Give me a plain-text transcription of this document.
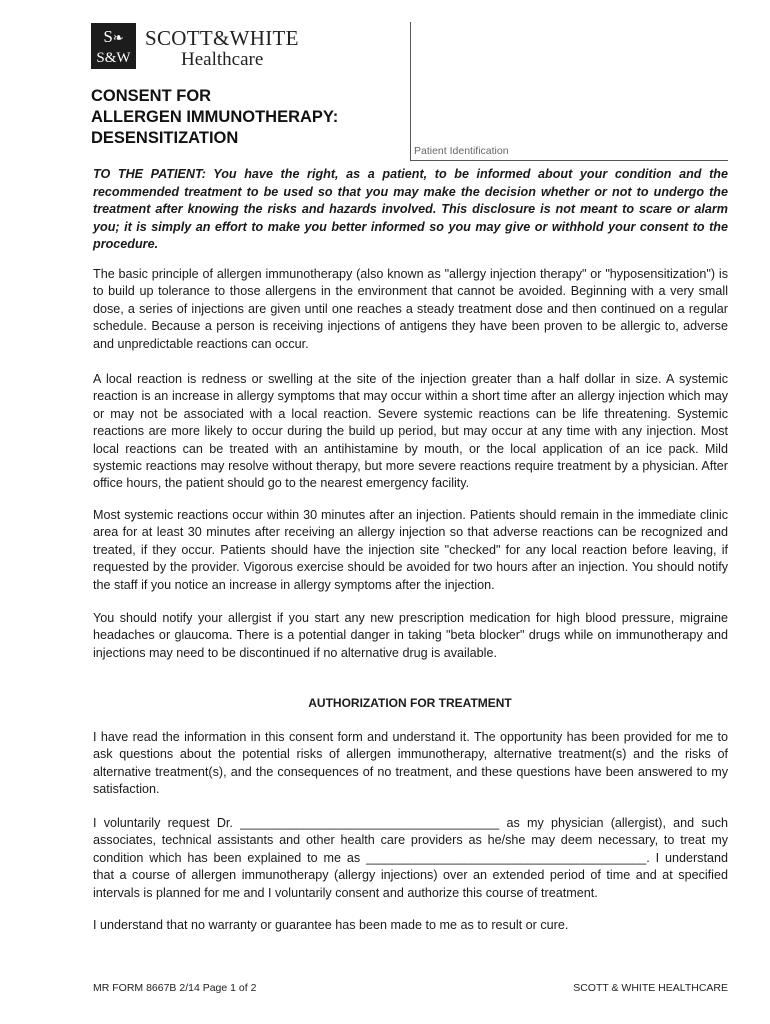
S❧
S&W
SCOTT&WHITE
Healthcare
CONSENT FOR
ALLERGEN IMMUNOTHERAPY:
DESENSITIZATION
Patient Identification

TO THE PATIENT: You have the right, as a patient, to be informed about your condition and the recommended treatment to be used so that you may make the decision whether or not to undergo the treatment after knowing the risks and hazards involved. This disclosure is not meant to scare or alarm you; it is simply an effort to make you better informed so you may give or withhold your consent to the procedure.

The basic principle of allergen immunotherapy (also known as "allergy injection therapy" or "hyposensitization") is to build up tolerance to those allergens in the environment that cannot be avoided. Beginning with a very small dose, a series of injections are given until one reaches a steady treatment dose and then continued on a regular schedule. Because a person is receiving injections of antigens they have been proven to be allergic to, adverse and unpredictable reactions can occur.

A local reaction is redness or swelling at the site of the injection greater than a half dollar in size. A systemic reaction is an increase in allergy symptoms that may occur within a short time after an allergy injection which may or may not be associated with a local reaction. Severe systemic reactions can be life threatening. Systemic reactions are more likely to occur during the build up period, but may occur at any time with any injection. Most local reactions can be treated with an antihistamine by mouth, or the local application of an ice pack. Mild systemic reactions may resolve without therapy, but more severe reactions require treatment by a physician. After office hours, the patient should go to the nearest emergency facility.

Most systemic reactions occur within 30 minutes after an injection. Patients should remain in the immediate clinic area for at least 30 minutes after receiving an allergy injection so that adverse reactions can be recognized and treated, if they occur. Patients should have the injection site "checked" for any local reaction before leaving, if requested by the provider. Vigorous exercise should be avoided for two hours after an injection. You should notify the staff if you notice an increase in allergy symptoms after the injection.

You should notify your allergist if you start any new prescription medication for high blood pressure, migraine headaches or glaucoma. There is a potential danger in taking "beta blocker" drugs while on immunotherapy and injections may need to be discontinued if no alternative drug is available.

AUTHORIZATION FOR TREATMENT

I have read the information in this consent form and understand it. The opportunity has been provided for me to ask questions about the potential risks of allergen immunotherapy, alternative treatment(s) and the risks of alternative treatment(s), and the consequences of no treatment, and these questions have been answered to my satisfaction.

I voluntarily request Dr. _____________________________________ as my physician (allergist), and such associates, technical assistants and other health care providers as he/she may deem necessary, to treat my condition which has been explained to me as ________________________________________. I understand that a course of allergen immunotherapy (allergy injections) over an extended period of time and at specified intervals is planned for me and I voluntarily consent and authorize this course of treatment.

I understand that no warranty or guarantee has been made to me as to result or cure.

MR FORM 8667B 2/14 Page 1 of 2	SCOTT & WHITE HEALTHCARE
